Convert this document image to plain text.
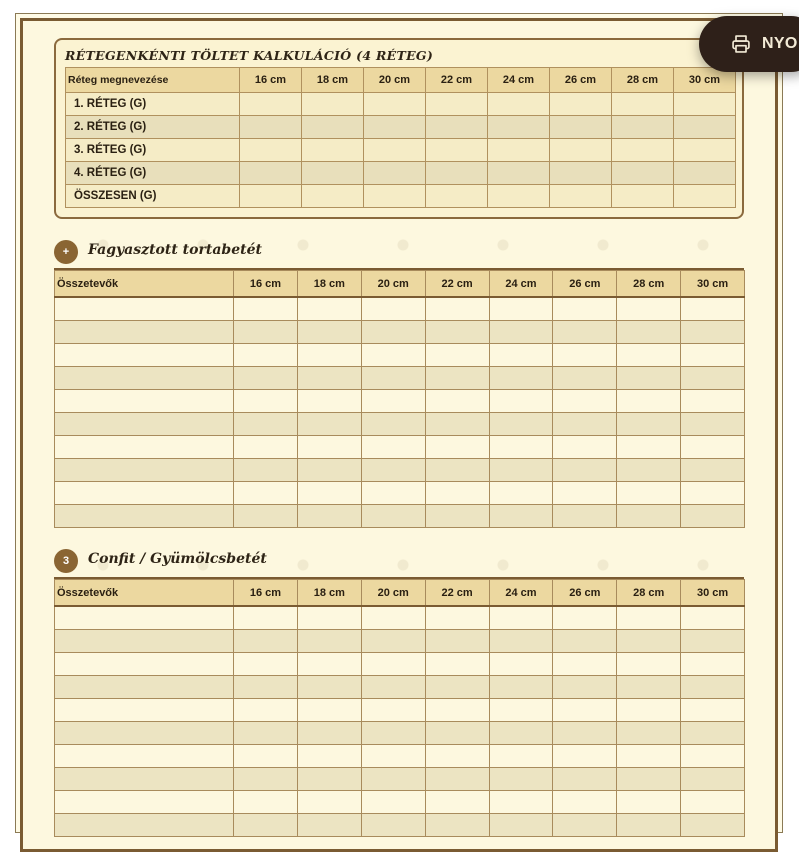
RÉTEGENKÉNTI TÖLTET KALKULÁCIÓ (4 RÉTEG)
Réteg megnevezése	16 cm	18 cm	20 cm	22 cm	24 cm	26 cm	28 cm	30 cm
1. RÉTEG (G)								
2. RÉTEG (G)								
3. RÉTEG (G)								
4. RÉTEG (G)								
ÖSSZESEN (G)								
+	Fagyasztott tortabetét
Összetevők	16 cm	18 cm	20 cm	22 cm	24 cm	26 cm	28 cm	30 cm

3	Confit / Gyümölcsbetét
Összetevők	16 cm	18 cm	20 cm	22 cm	24 cm	26 cm	28 cm	30 cm

NYO
